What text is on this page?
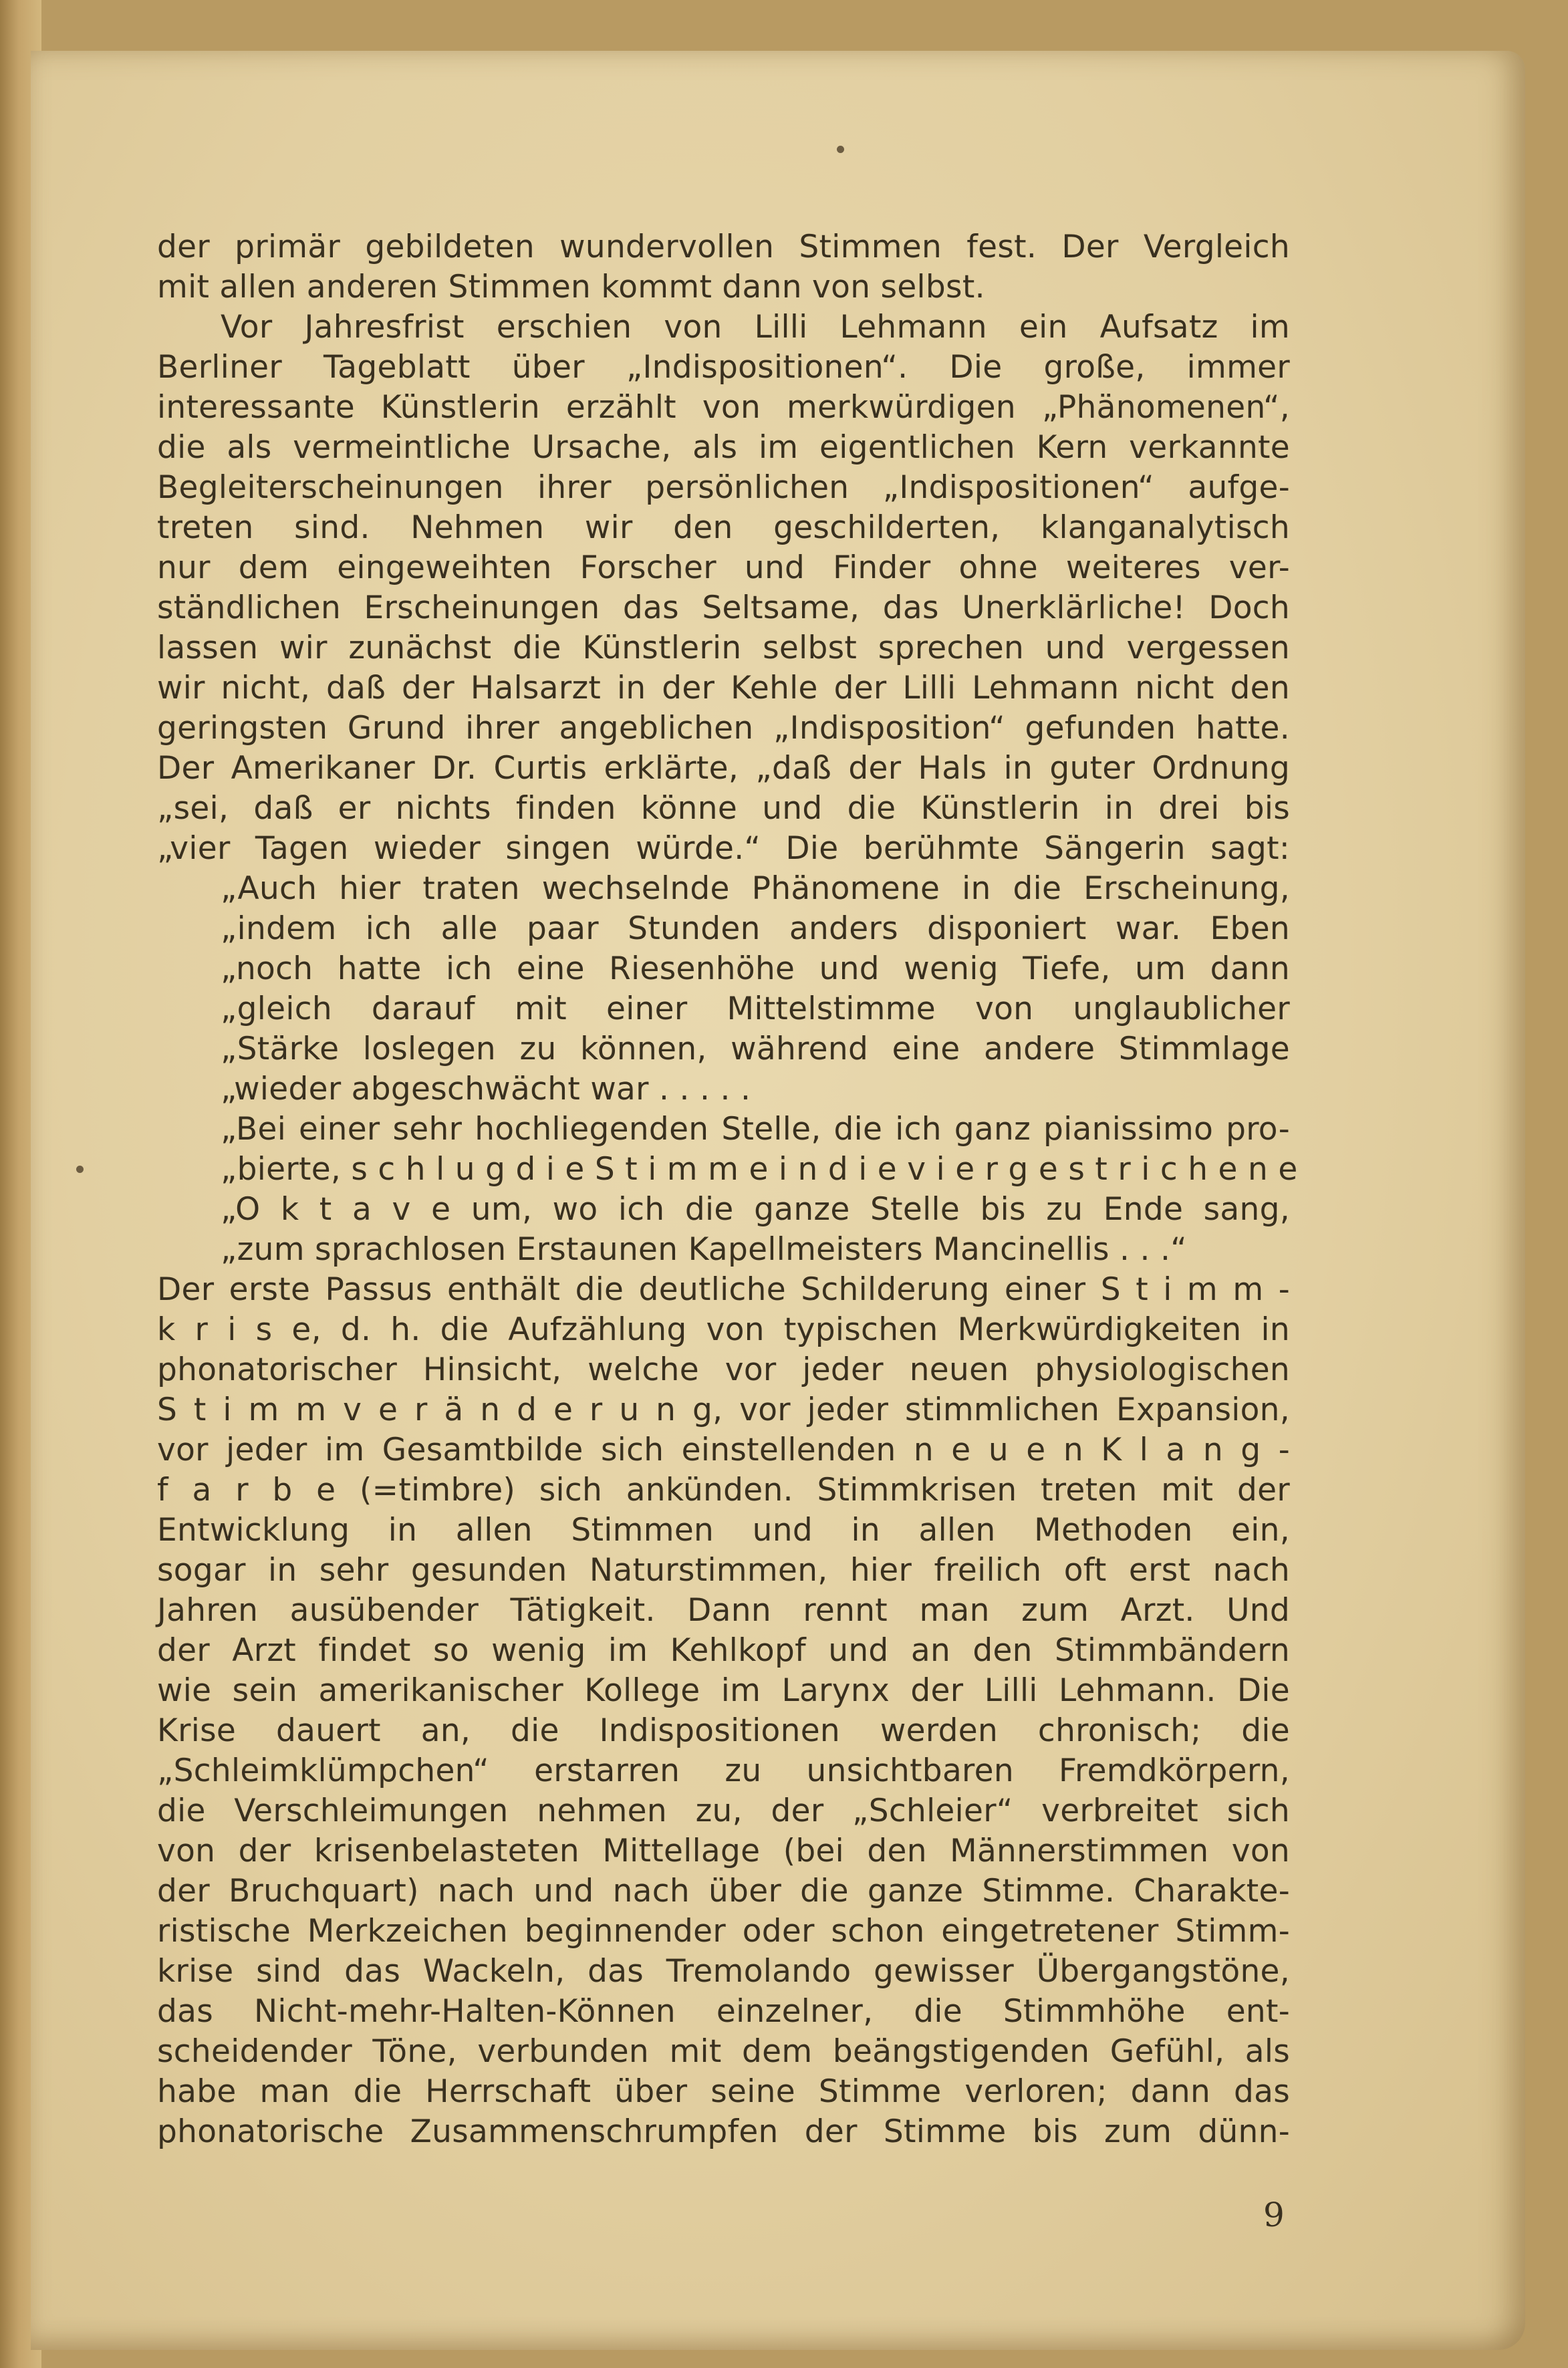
der primär gebildeten wundervollen Stimmen fest. Der Vergleich
mit allen anderen Stimmen kommt dann von selbst.
Vor Jahresfrist erschien von Lilli Lehmann ein Aufsatz im
Berliner Tageblatt über „Indispositionen“. Die große, immer
interessante Künstlerin erzählt von merkwürdigen „Phänomenen“,
die als vermeintliche Ursache, als im eigentlichen Kern verkannte
Begleiterscheinungen ihrer persönlichen „Indispositionen“ aufge-
treten sind. Nehmen wir den geschilderten, klanganalytisch
nur dem eingeweihten Forscher und Finder ohne weiteres ver-
ständlichen Erscheinungen das Seltsame, das Unerklärliche! Doch
lassen wir zunächst die Künstlerin selbst sprechen und vergessen
wir nicht, daß der Halsarzt in der Kehle der Lilli Lehmann nicht den
geringsten Grund ihrer angeblichen „Indisposition“ gefunden hatte.
Der Amerikaner Dr. Curtis erklärte, „daß der Hals in guter Ordnung
„sei, daß er nichts finden könne und die Künstlerin in drei bis
„vier Tagen wieder singen würde.“ Die berühmte Sängerin sagt:
„Auch hier traten wechselnde Phänomene in die Erscheinung,
„indem ich alle paar Stunden anders disponiert war. Eben
„noch hatte ich eine Riesenhöhe und wenig Tiefe, um dann
„gleich darauf mit einer Mittelstimme von unglaublicher
„Stärke loslegen zu können, während eine andere Stimmlage
„wieder abgeschwächt war . . . . .
„Bei einer sehr hochliegenden Stelle, die ich ganz pianissimo pro-
„bierte, s c h l u g d i e S t i m m e i n d i e v i e r g e s t r i c h e n e
„O k t a v e um, wo ich die ganze Stelle bis zu Ende sang,
„zum sprachlosen Erstaunen Kapellmeisters Mancinellis . . .“
Der erste Passus enthält die deutliche Schilderung einer S t i m m -
k r i s e, d. h. die Aufzählung von typischen Merkwürdigkeiten in
phonatorischer Hinsicht, welche vor jeder neuen physiologischen
S t i m m v e r ä n d e r u n g, vor jeder stimmlichen Expansion,
vor jeder im Gesamtbilde sich einstellenden n e u e n K l a n g -
f a r b e (=timbre) sich ankünden. Stimmkrisen treten mit der
Entwicklung in allen Stimmen und in allen Methoden ein,
sogar in sehr gesunden Naturstimmen, hier freilich oft erst nach
Jahren ausübender Tätigkeit. Dann rennt man zum Arzt. Und
der Arzt findet so wenig im Kehlkopf und an den Stimmbändern
wie sein amerikanischer Kollege im Larynx der Lilli Lehmann. Die
Krise dauert an, die Indispositionen werden chronisch; die
„Schleimklümpchen“ erstarren zu unsichtbaren Fremdkörpern,
die Verschleimungen nehmen zu, der „Schleier“ verbreitet sich
von der krisenbelasteten Mittellage (bei den Männerstimmen von
der Bruchquart) nach und nach über die ganze Stimme. Charakte-
ristische Merkzeichen beginnender oder schon eingetretener Stimm-
krise sind das Wackeln, das Tremolando gewisser Übergangstöne,
das Nicht-mehr-Halten-Können einzelner, die Stimmhöhe ent-
scheidender Töne, verbunden mit dem beängstigenden Gefühl, als
habe man die Herrschaft über seine Stimme verloren; dann das
phonatorische Zusammenschrumpfen der Stimme bis zum dünn-
9
